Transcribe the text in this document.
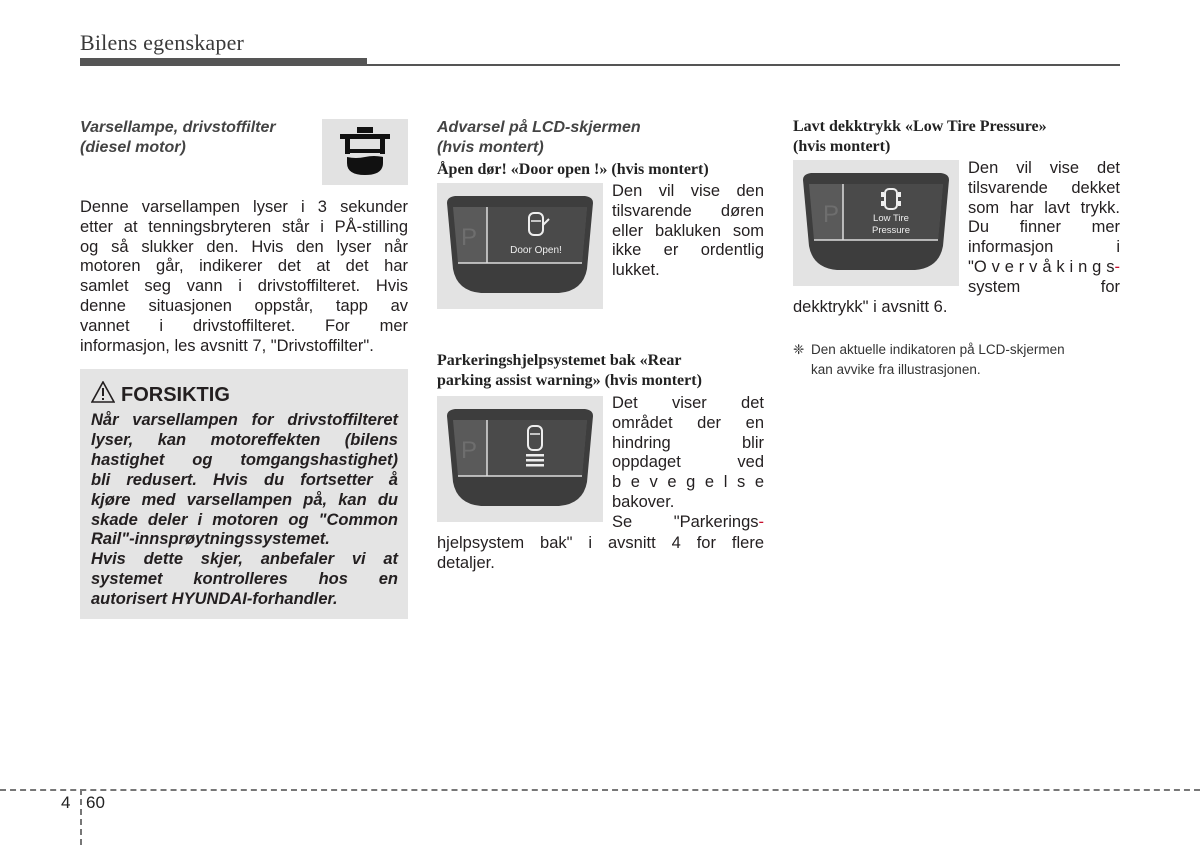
Bilens egenskaper
Varsellampe, drivstoffilter
(diesel motor)
Denne varsellampen lyser i 3 sekunder
etter at tenningsbryteren står i PÅ-stilling
og så slukker den. Hvis den lyser når
motoren går, indikerer det at det har
samlet seg vann i drivstoffilteret. Hvis
denne situasjonen oppstår, tapp av
vannet i drivstoffilteret. For mer
informasjon, les avsnitt 7, "Drivstoffilter".
FORSIKTIG
Når varsellampen for drivstoffilteret
lyser, kan motoreffekten (bilens
hastighet og tomgangshastighet)
bli redusert. Hvis du fortsetter å
kjøre med varsellampen på, kan du
skade deler i motoren og "Common
Rail"-innsprøytningssystemet.
Hvis dette skjer, anbefaler vi at
systemet kontrolleres hos en
autorisert HYUNDAI-forhandler.
Advarsel på LCD-skjermen
(hvis montert)
Åpen dør! «Door open !» (hvis montert)
P	Door Open!
Den vil vise den
tilsvarende døren
eller bakluken som
ikke er ordentlig
lukket.
Parkeringshjelpsystemet bak «Rear
parking assist warning» (hvis montert)
P
Det viser det
området der en
hindring blir
oppdaget ved
b e v e g e l s e
bakover.
Se "Parkerings-
hjelpsystem bak" i avsnitt 4 for flere
detaljer.
Lavt dekktrykk «Low Tire Pressure»
(hvis montert)
P	Low Tire
Pressure
Den vil vise det
tilsvarende dekket
som har lavt trykk.
Du finner mer
informasjon i
"O v e r v å k i n g s-
system for
dekktrykk" i avsnitt 6.
❈ Den aktuelle indikatoren på LCD-skjermen
kan avvike fra illustrasjonen.
4 60
